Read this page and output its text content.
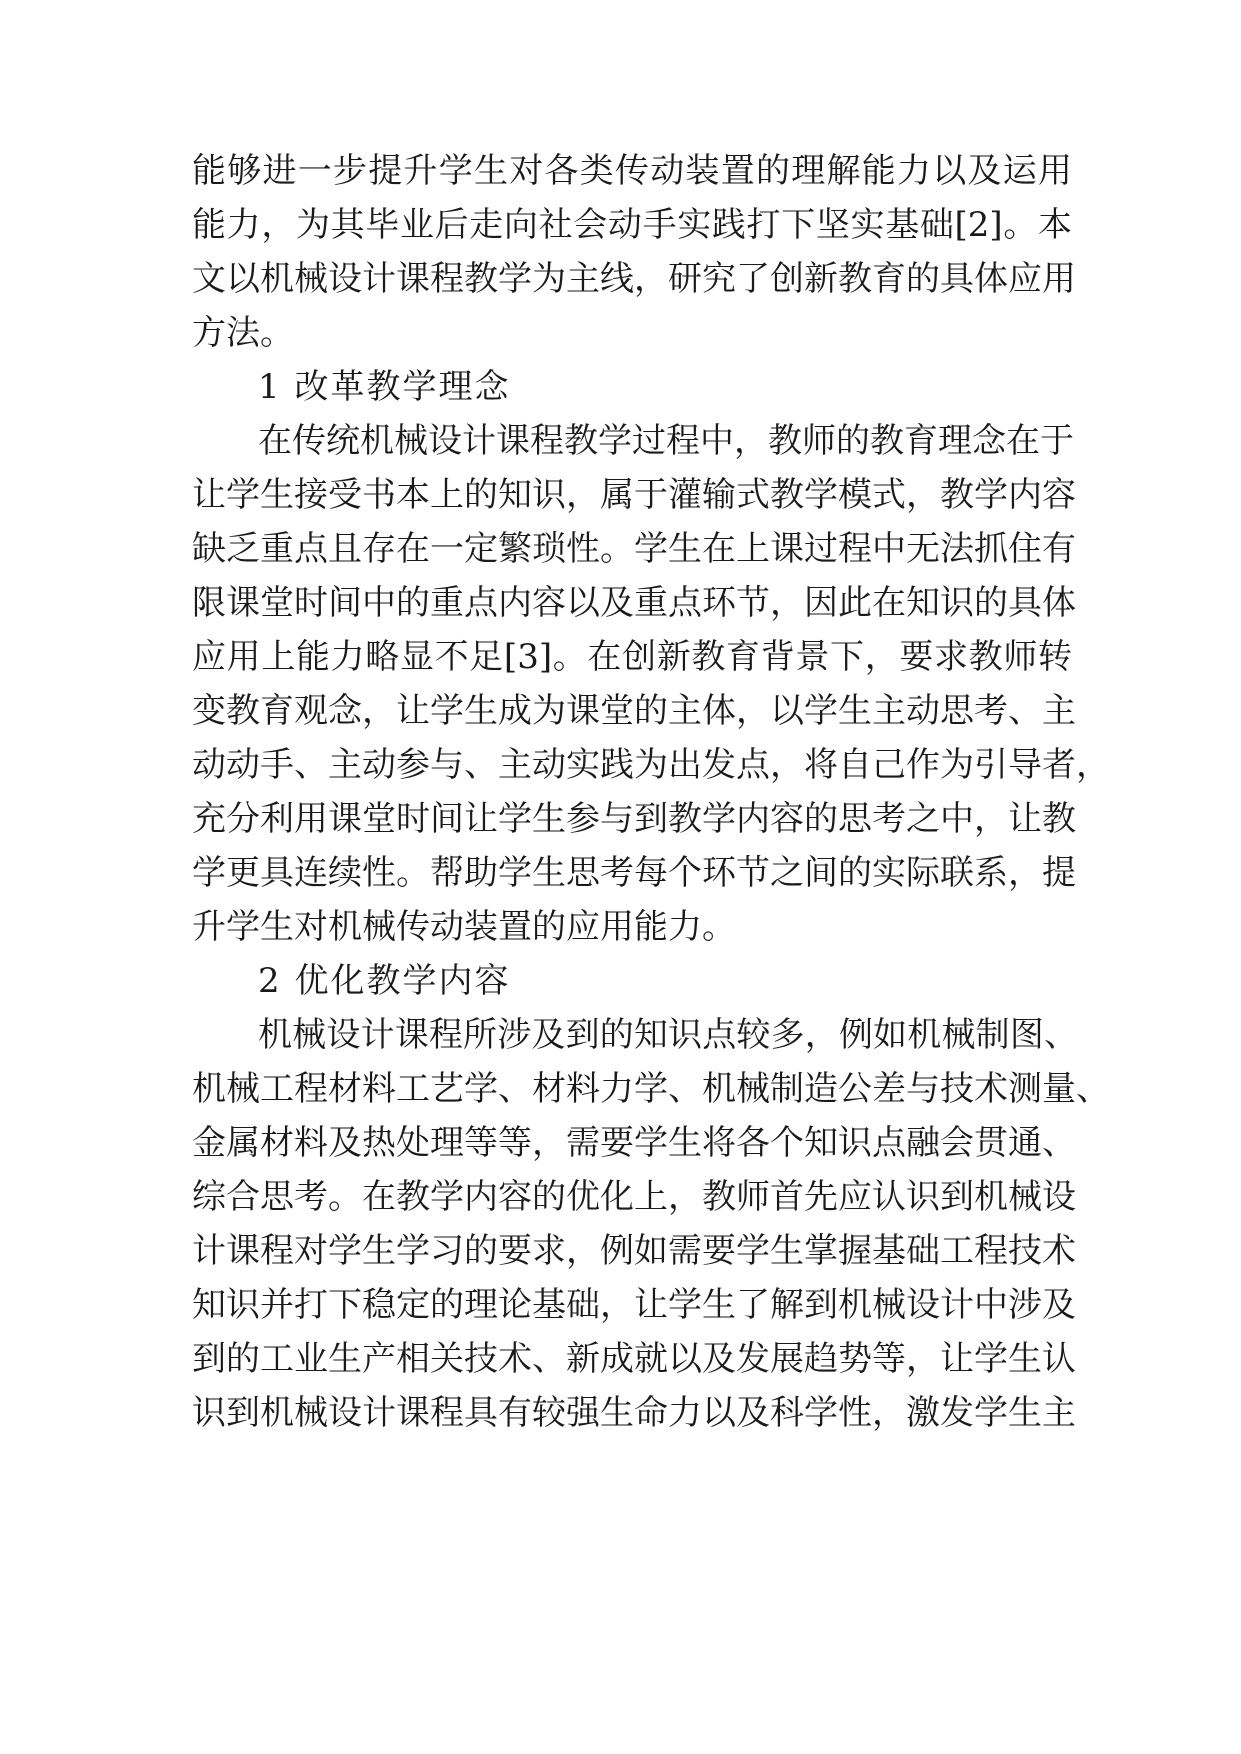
能够进一步提升学生对各类传动装置的理解能力以及运用
能力，为其毕业后走向社会动手实践打下坚实基础[2]。本
文以机械设计课程教学为主线，研究了创新教育的具体应用
方法。
1 改革教学理念
在传统机械设计课程教学过程中，教师的教育理念在于
让学生接受书本上的知识，属于灌输式教学模式，教学内容
缺乏重点且存在一定繁琐性。学生在上课过程中无法抓住有
限课堂时间中的重点内容以及重点环节，因此在知识的具体
应用上能力略显不足[3]。在创新教育背景下，要求教师转
变教育观念，让学生成为课堂的主体，以学生主动思考、主
动动手、主动参与、主动实践为出发点，将自己作为引导者，
充分利用课堂时间让学生参与到教学内容的思考之中，让教
学更具连续性。帮助学生思考每个环节之间的实际联系，提
升学生对机械传动装置的应用能力。
2 优化教学内容
机械设计课程所涉及到的知识点较多，例如机械制图、
机械工程材料工艺学、材料力学、机械制造公差与技术测量、
金属材料及热处理等等，需要学生将各个知识点融会贯通、
综合思考。在教学内容的优化上，教师首先应认识到机械设
计课程对学生学习的要求，例如需要学生掌握基础工程技术
知识并打下稳定的理论基础，让学生了解到机械设计中涉及
到的工业生产相关技术、新成就以及发展趋势等，让学生认
识到机械设计课程具有较强生命力以及科学性，激发学生主
